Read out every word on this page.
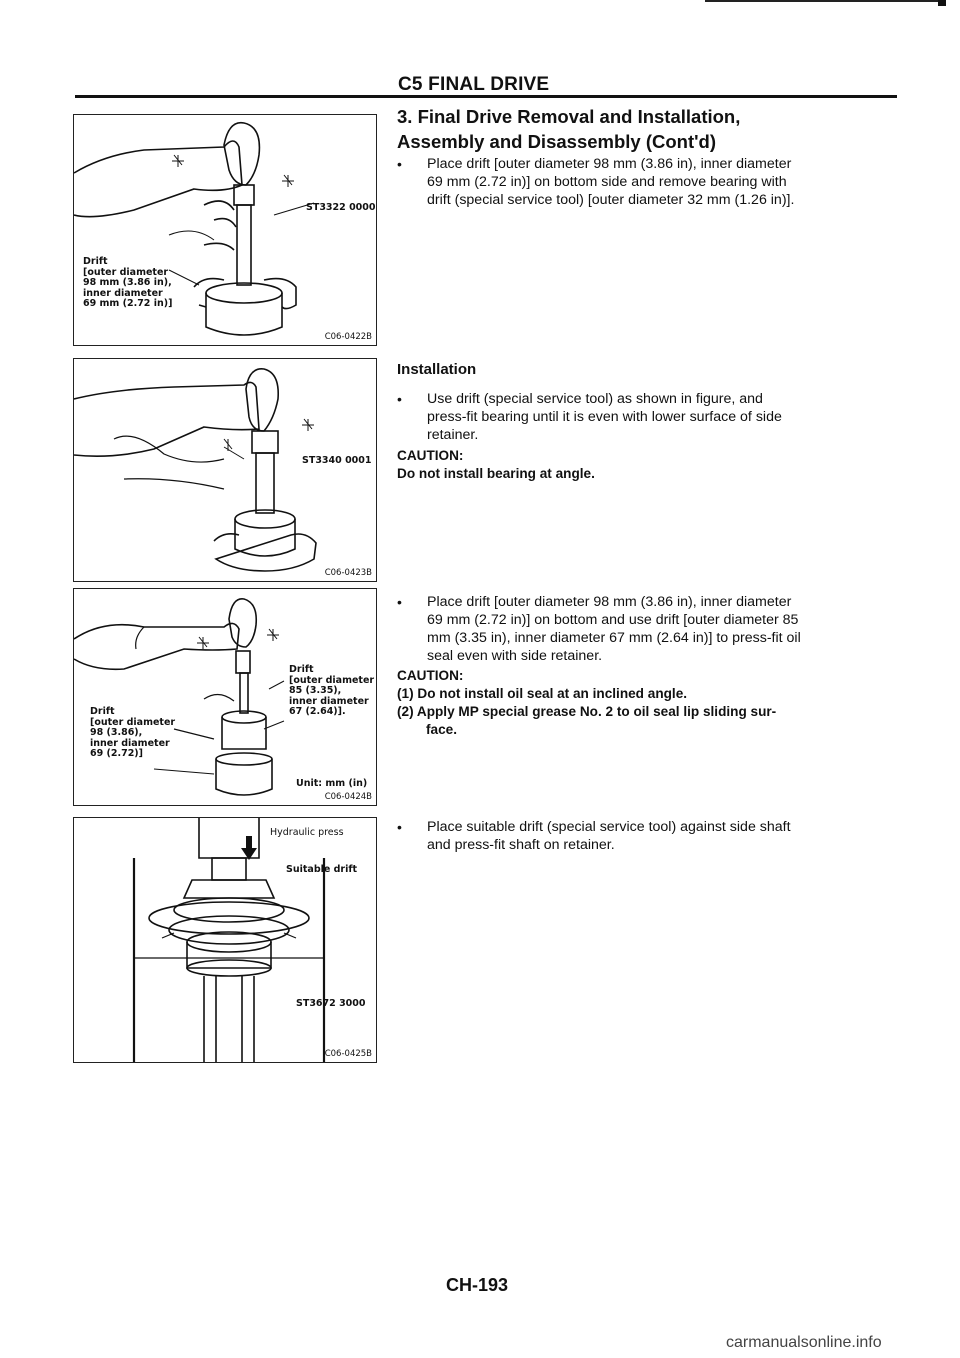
C5 FINAL DRIVE
3. Final Drive Removal and Installation,
Assembly and Disassembly (Cont'd)
• Place drift [outer diameter 98 mm (3.86 in), inner diameter
69 mm (2.72 in)] on bottom side and remove bearing with
drift (special service tool) [outer diameter 32 mm (1.26 in)].
Installation
• Use drift (special service tool) as shown in figure, and
press-fit bearing until it is even with lower surface of side
retainer.
CAUTION:
Do not install bearing at angle.
• Place drift [outer diameter 98 mm (3.86 in), inner diameter
69 mm (2.72 in)] on bottom and use drift [outer diameter 85
mm (3.35 in), inner diameter 67 mm (2.64 in)] to press-fit oil
seal even with side retainer.
CAUTION:
(1) Do not install oil seal at an inclined angle.
(2) Apply MP special grease No. 2 to oil seal lip sliding sur-
face.
• Place suitable drift (special service tool) against side shaft
and press-fit shaft on retainer.
ST3322 0000
Drift
[outer diameter
98 mm (3.86 in),
inner diameter
69 mm (2.72 in)]
C06-0422B
ST3340 0001
C06-0423B
Drift
[outer diameter
85 (3.35),
inner diameter
67 (2.64)].
Drift
[outer diameter
98 (3.86),
inner diameter
69 (2.72)]
Unit: mm (in)
C06-0424B
Hydraulic press
Suitable drift
ST3672 3000
C06-0425B
CH-193
carmanualsonline.info
